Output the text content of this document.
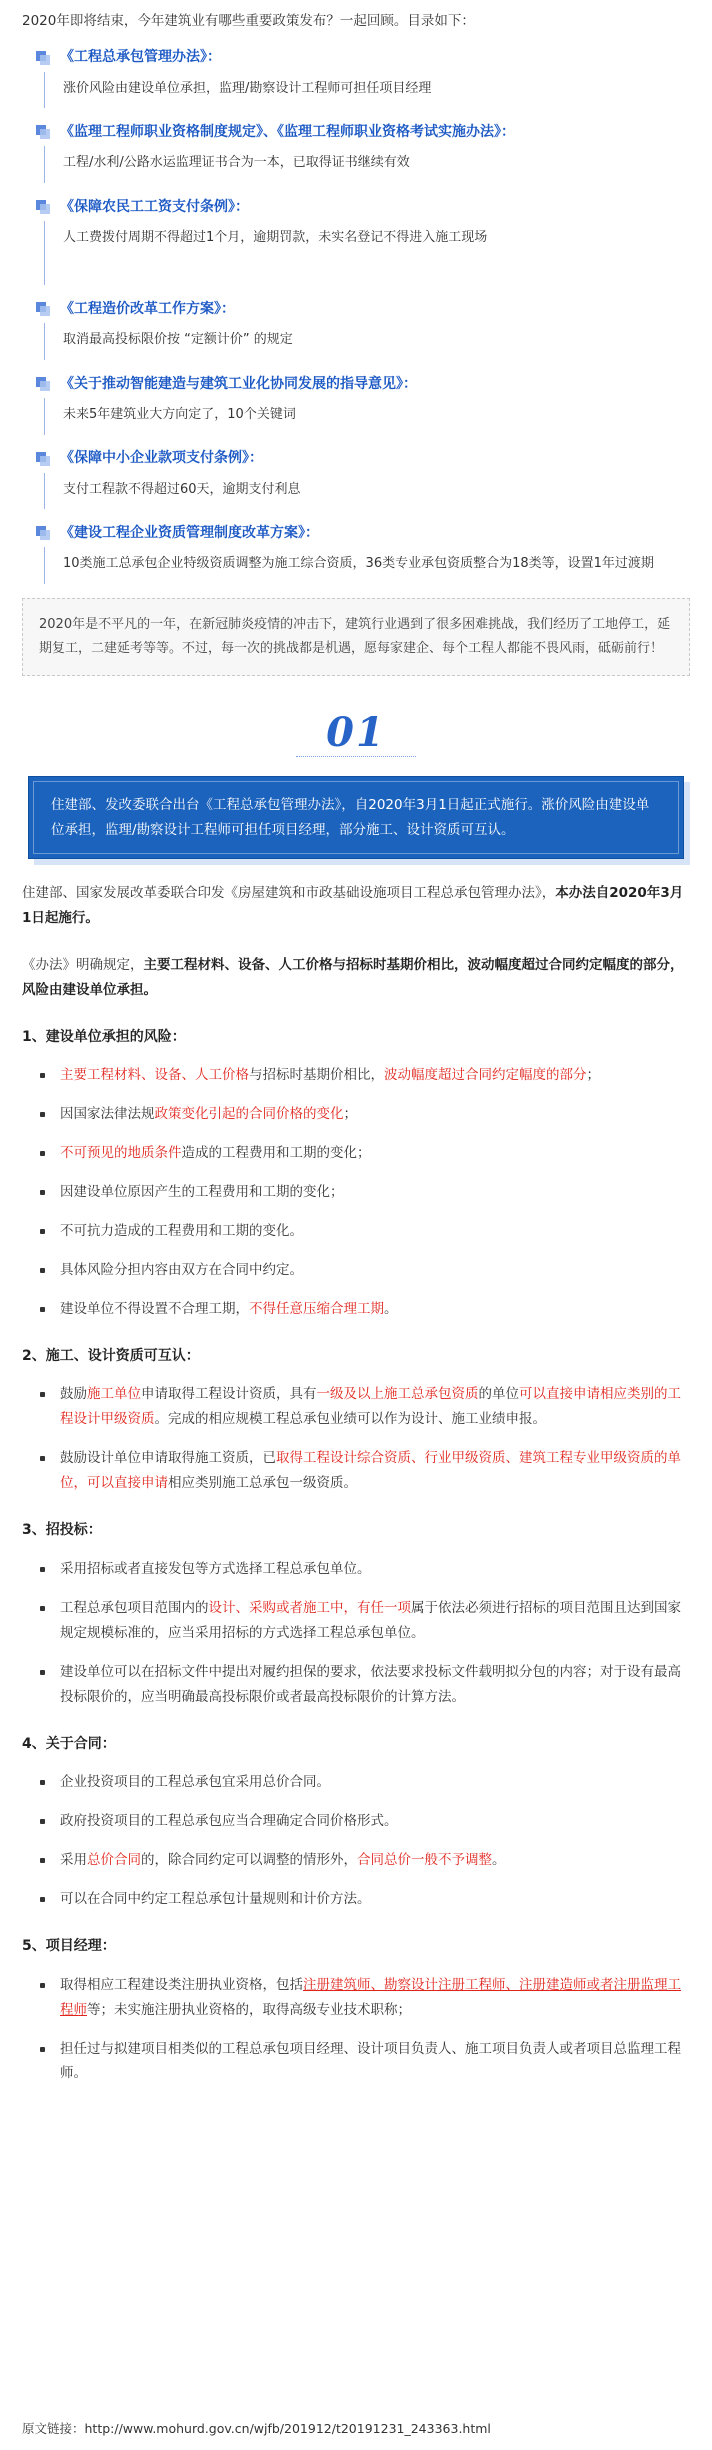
2020年即将结束，今年建筑业有哪些重要政策发布？一起回顾。目录如下：

《工程总承包管理办法》：
涨价风险由建设单位承担，监理/勘察设计工程师可担任项目经理
《监理工程师职业资格制度规定》、《监理工程师职业资格考试实施办法》：
工程/水利/公路水运监理证书合为一本，已取得证书继续有效
《保障农民工工资支付条例》：
人工费拨付周期不得超过1个月，逾期罚款，未实名登记不得进入施工现场
《工程造价改革工作方案》：
取消最高投标限价按 “定额计价” 的规定
《关于推动智能建造与建筑工业化协同发展的指导意见》：
未来5年建筑业大方向定了，10个关键词
《保障中小企业款项支付条例》：
支付工程款不得超过60天，逾期支付利息
《建设工程企业资质管理制度改革方案》：
10类施工总承包企业特级资质调整为施工综合资质，36类专业承包资质整合为18类等，设置1年过渡期
2020年是不平凡的一年，在新冠肺炎疫情的冲击下，建筑行业遇到了很多困难挑战，我们经历了工地停工，延期复工，二建延考等等。不过，每一次的挑战都是机遇，愿每家建企、每个工程人都能不畏风雨，砥砺前行！
01
住建部、发改委联合出台《工程总承包管理办法》，自2020年3月1日起正式施行。涨价风险由建设单位承担，监理/勘察设计工程师可担任项目经理，部分施工、设计资质可互认。

住建部、国家发展改革委联合印发《房屋建筑和市政基础设施项目工程总承包管理办法》，本办法自2020年3月1日起施行。

《办法》明确规定，主要工程材料、设备、人工价格与招标时基期价相比，波动幅度超过合同约定幅度的部分，风险由建设单位承担。

1、建设单位承担的风险：
主要工程材料、设备、人工价格与招标时基期价相比，波动幅度超过合同约定幅度的部分；
因国家法律法规政策变化引起的合同价格的变化；
不可预见的地质条件造成的工程费用和工期的变化；
因建设单位原因产生的工程费用和工期的变化；
不可抗力造成的工程费用和工期的变化。
具体风险分担内容由双方在合同中约定。
建设单位不得设置不合理工期，不得任意压缩合理工期。
2、施工、设计资质可互认：
鼓励施工单位申请取得工程设计资质，具有一级及以上施工总承包资质的单位可以直接申请相应类别的工程设计甲级资质。完成的相应规模工程总承包业绩可以作为设计、施工业绩申报。
鼓励设计单位申请取得施工资质，已取得工程设计综合资质、行业甲级资质、建筑工程专业甲级资质的单位，可以直接申请相应类别施工总承包一级资质。
3、招投标：
采用招标或者直接发包等方式选择工程总承包单位。
工程总承包项目范围内的设计、采购或者施工中，有任一项属于依法必须进行招标的项目范围且达到国家规定规模标准的，应当采用招标的方式选择工程总承包单位。
建设单位可以在招标文件中提出对履约担保的要求，依法要求投标文件载明拟分包的内容；对于设有最高投标限价的，应当明确最高投标限价或者最高投标限价的计算方法。
4、关于合同：
企业投资项目的工程总承包宜采用总价合同。
政府投资项目的工程总承包应当合理确定合同价格形式。
采用总价合同的，除合同约定可以调整的情形外，合同总价一般不予调整。
可以在合同中约定工程总承包计量规则和计价方法。
5、项目经理：
取得相应工程建设类注册执业资格，包括注册建筑师、勘察设计注册工程师、注册建造师或者注册监理工程师等；未实施注册执业资格的，取得高级专业技术职称；
担任过与拟建项目相类似的工程总承包项目经理、设计项目负责人、施工项目负责人或者项目总监理工程师。
原文链接：http://www.mohurd.gov.cn/wjfb/201912/t20191231_243363.html
